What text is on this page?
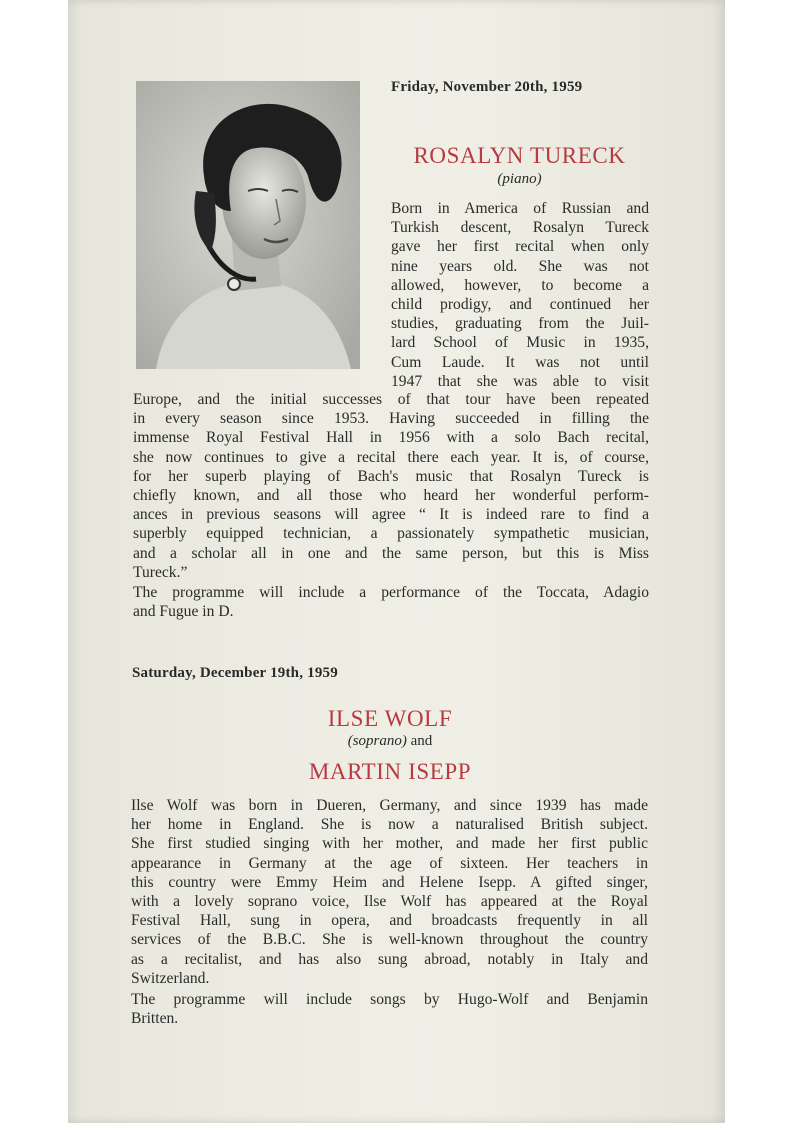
Friday, November 20th, 1959
ROSALYN TURECK
(piano)
Born in America of Russian and
Turkish descent, Rosalyn Tureck
gave her first recital when only
nine years old. She was not
allowed, however, to become a
child prodigy, and continued her
studies, graduating from the Juil-
lard School of Music in 1935,
Cum Laude. It was not until
1947 that she was able to visit
Europe, and the initial successes of that tour have been repeated
in every season since 1953. Having succeeded in filling the
immense Royal Festival Hall in 1956 with a solo Bach recital,
she now continues to give a recital there each year. It is, of course,
for her superb playing of Bach's music that Rosalyn Tureck is
chiefly known, and all those who heard her wonderful perform-
ances in previous seasons will agree “ It is indeed rare to find a
superbly equipped technician, a passionately sympathetic musician,
and a scholar all in one and the same person, but this is Miss
Tureck.”
The programme will include a performance of the Toccata, Adagio
and Fugue in D.
Saturday, December 19th, 1959
ILSE WOLF
(soprano) and
MARTIN ISEPP
Ilse Wolf was born in Dueren, Germany, and since 1939 has made
her home in England. She is now a naturalised British subject.
She first studied singing with her mother, and made her first public
appearance in Germany at the age of sixteen. Her teachers in
this country were Emmy Heim and Helene Isepp. A gifted singer,
with a lovely soprano voice, Ilse Wolf has appeared at the Royal
Festival Hall, sung in opera, and broadcasts frequently in all
services of the B.B.C. She is well-known throughout the country
as a recitalist, and has also sung abroad, notably in Italy and
Switzerland.
The programme will include songs by Hugo-Wolf and Benjamin
Britten.
